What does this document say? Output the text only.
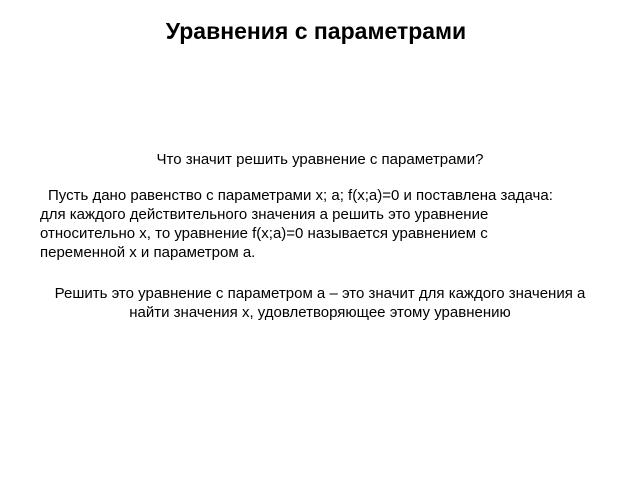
Уравнения с параметрами
Что значит решить уравнение с параметрами?
Пусть дано равенство с параметрами x; a; f(x;a)=0 и поставлена задача:
для каждого действительного значения а решить это уравнение
относительно x, то уравнение f(x;a)=0 называется уравнением с
переменной x и параметром а.
Решить это уравнение с параметром а – это значит для каждого значения а
найти значения x, удовлетворяющее этому уравнению
